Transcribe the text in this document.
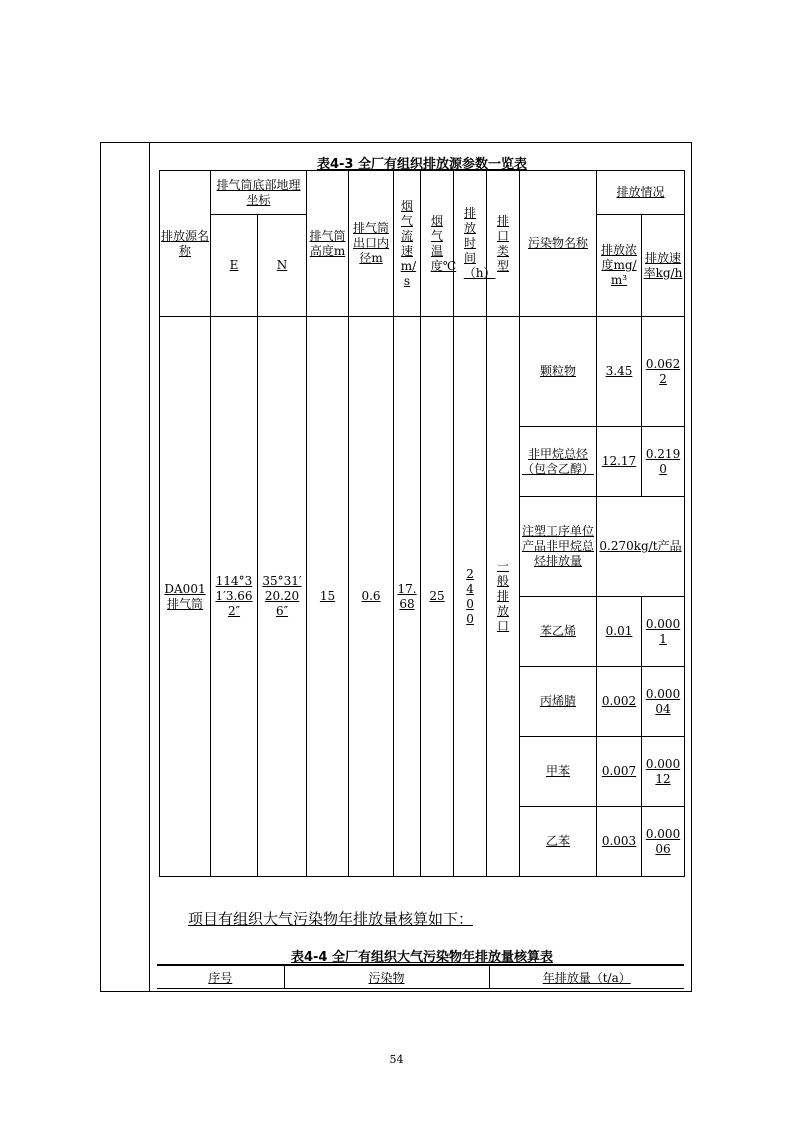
表4-3 全厂有组织排放源参数一览表
排放源名称	排气筒底部地理坐标		排气筒高度m	排气筒出口内径m	烟气流速m/s	烟气温度℃	排放时间（h）	排口类型	污染物名称	排放情况	
	E	N								排放浓度mg/m³	排放速率kg/h
DA001排气筒	114°31′3.662″	35°31′20.206″	15	0.6	17.68	25	2400	一般排放口	颗粒物	3.45	0.0622
									非甲烷总烃（包含乙醇）	12.17	0.2190
									注塑工序单位产品非甲烷总烃排放量	0.270kg/t产品	
									苯乙烯	0.01	0.0001
									丙烯腈	0.002	0.00004
									甲苯	0.007	0.00012
									乙苯	0.003	0.00006
项目有组织大气污染物年排放量核算如下：
表4-4 全厂有组织大气污染物年排放量核算表
序号	污染物	年排放量（t/a）
54
